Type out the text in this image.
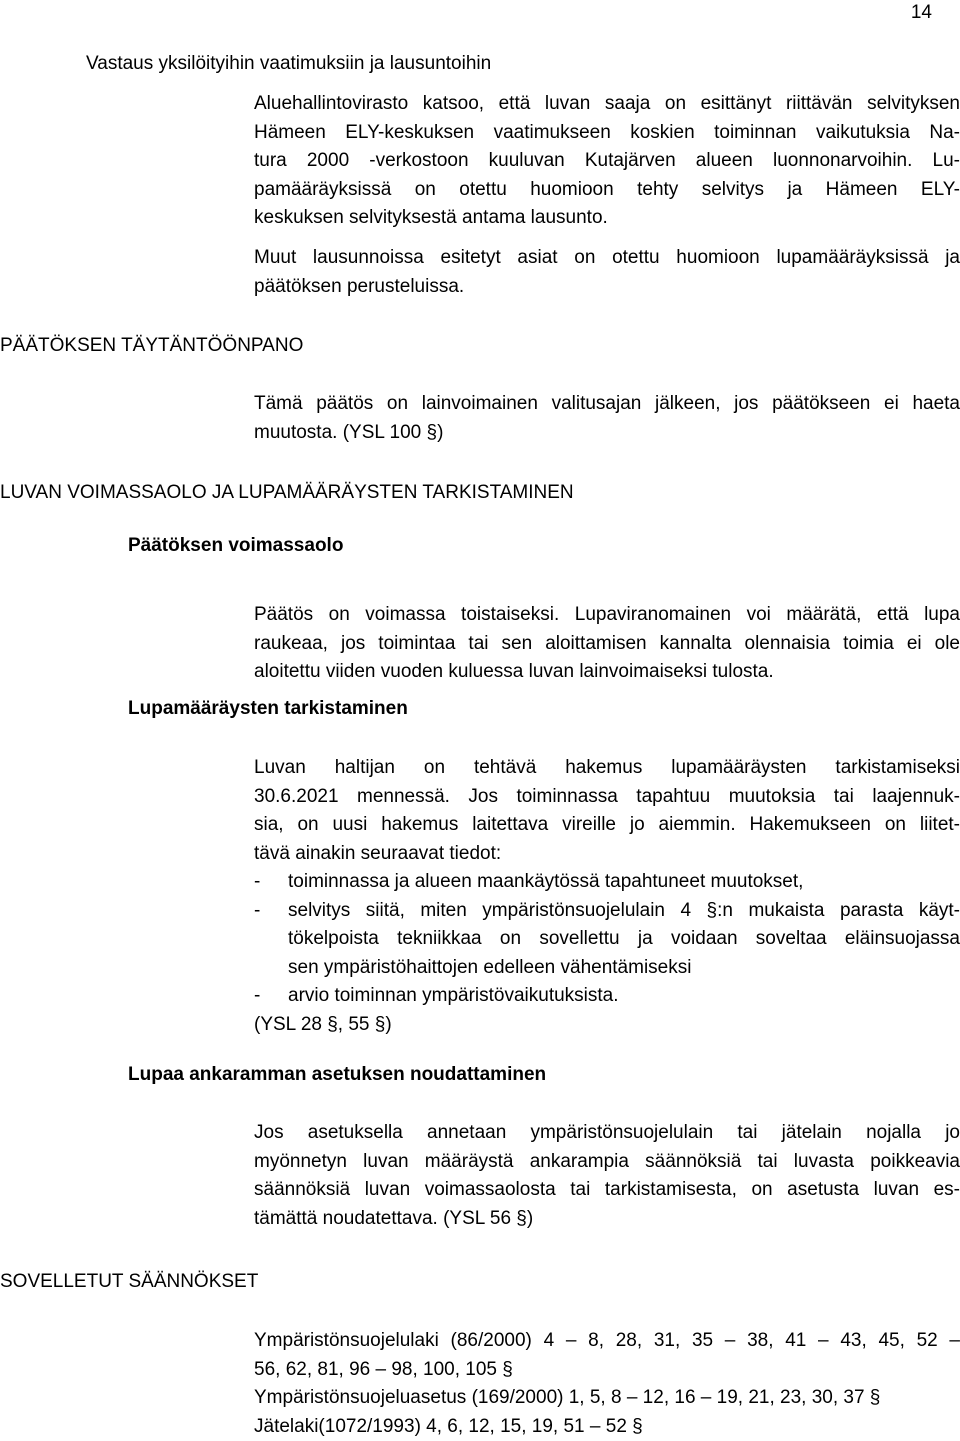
14
Vastaus yksilöityihin vaatimuksiin ja lausuntoihin
Aluehallintovirasto katsoo, että luvan saaja on esittänyt riittävän selvityksen
Hämeen ELY-keskuksen vaatimukseen koskien toiminnan vaikutuksia Na-
tura 2000 -verkostoon kuuluvan Kutajärven alueen luonnonarvoihin. Lu-
pamääräyksissä on otettu huomioon tehty selvitys ja Hämeen ELY-
keskuksen selvityksestä antama lausunto.
Muut lausunnoissa esitetyt asiat on otettu huomioon lupamääräyksissä ja
päätöksen perusteluissa.
PÄÄTÖKSEN TÄYTÄNTÖÖNPANO
Tämä päätös on lainvoimainen valitusajan jälkeen, jos päätökseen ei haeta
muutosta. (YSL 100 §)
LUVAN VOIMASSAOLO JA LUPAMÄÄRÄYSTEN TARKISTAMINEN
Päätöksen voimassaolo
Päätös on voimassa toistaiseksi. Lupaviranomainen voi määrätä, että lupa
raukeaa, jos toimintaa tai sen aloittamisen kannalta olennaisia toimia ei ole
aloitettu viiden vuoden kuluessa luvan lainvoimaiseksi tulosta.
Lupamääräysten tarkistaminen
Luvan haltijan on tehtävä hakemus lupamääräysten tarkistamiseksi
30.6.2021 mennessä. Jos toiminnassa tapahtuu muutoksia tai laajennuk-
sia, on uusi hakemus laitettava vireille jo aiemmin. Hakemukseen on liitet-
tävä ainakin seuraavat tiedot:
-	toiminnassa ja alueen maankäytössä tapahtuneet muutokset,
-	selvitys siitä, miten ympäristönsuojelulain 4 §:n mukaista parasta käyt-
tökelpoista tekniikkaa on sovellettu ja voidaan soveltaa eläinsuojassa
sen ympäristöhaittojen edelleen vähentämiseksi
-	arvio toiminnan ympäristövaikutuksista.
(YSL 28 §, 55 §)
Lupaa ankaramman asetuksen noudattaminen
Jos asetuksella annetaan ympäristönsuojelulain tai jätelain nojalla jo
myönnetyn luvan määräystä ankarampia säännöksiä tai luvasta poikkeavia
säännöksiä luvan voimassaolosta tai tarkistamisesta, on asetusta luvan es-
tämättä noudatettava. (YSL 56 §)
SOVELLETUT SÄÄNNÖKSET
Ympäristönsuojelulaki (86/2000) 4 – 8, 28, 31, 35 – 38, 41 – 43, 45, 52 –
56, 62, 81, 96 – 98, 100, 105 §
Ympäristönsuojeluasetus (169/2000) 1, 5, 8 – 12, 16 – 19, 21, 23, 30, 37 §
Jätelaki(1072/1993) 4, 6, 12, 15, 19, 51 – 52 §
